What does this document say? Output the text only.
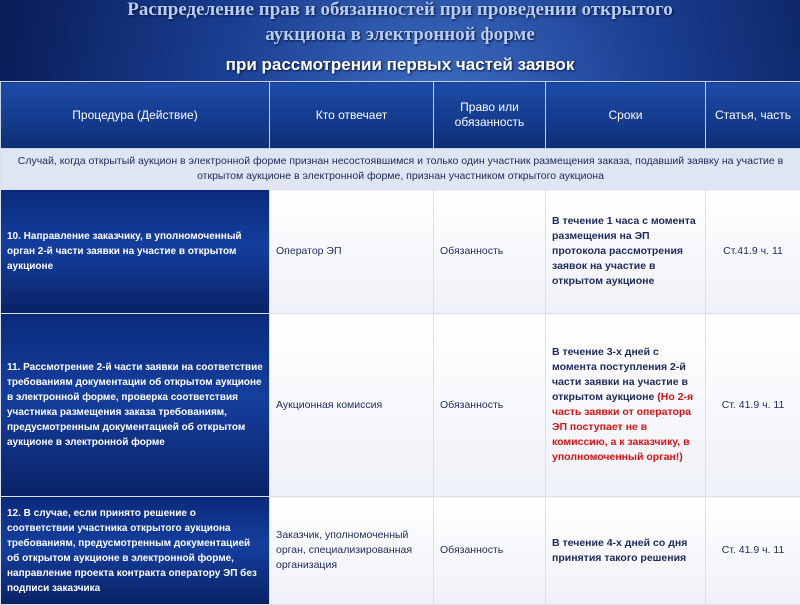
Распределение прав и обязанностей при проведении открытого
аукциона в электронной форме
при рассмотрении первых частей заявок
Процедура (Действие)	Кто отвечает	Право или обязанность	Сроки	Статья, часть
Случай, когда открытый аукцион в электронной форме признан несостоявшимся и только один участник размещения заказа, подавший заявку на участие в открытом аукционе в электронной форме, признан участником открытого аукциона				
10. Направление заказчику, в уполномоченный орган 2-й части заявки на участие в открытом аукционе	Оператор ЭП	Обязанность	В течение 1 часа с момента размещения на ЭП протокола рассмотрения заявок на участие в открытом аукционе	Ст.41.9 ч. 11
11. Рассмотрение 2-й части заявки на соответствие требованиям документации об открытом аукционе в электронной форме, проверка соответствия участника размещения заказа требованиям, предусмотренным документацией об открытом аукционе в электронной форме	Аукционная комиссия	Обязанность	В течение 3-х дней с момента поступления 2-й части заявки на участие в открытом аукционе (Но 2-я часть заявки от оператора ЭП поступает не в комиссию, а к заказчику, в уполномоченный орган!)	Ст. 41.9 ч. 11
12. В случае, если принято решение о соответствии участника открытого аукциона требованиям, предусмотренным документацией об открытом аукционе в электронной форме, направление проекта контракта оператору ЭП без подписи заказчика	Заказчик, уполномоченный орган, специализированная организация	Обязанность	В течение 4-х дней со дня принятия такого решения	Ст. 41.9 ч. 11
